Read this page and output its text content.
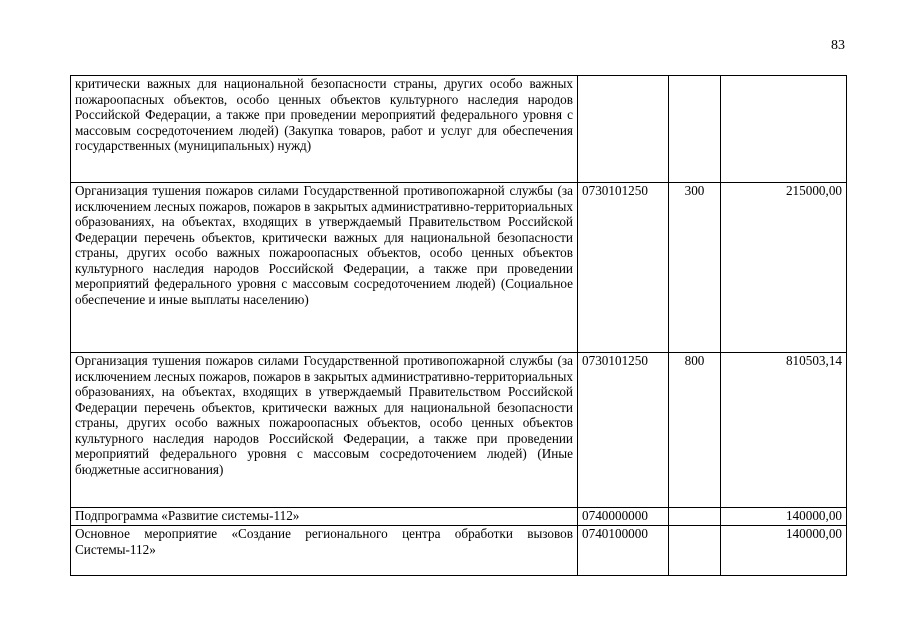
83
критически важных для национальной безопасности страны, других особо важных пожароопасных объектов, особо ценных объектов культурного наследия народов Российской Федерации, а также при проведении мероприятий федерального уровня с массовым сосредоточением людей) (Закупка товаров, работ и услуг для обеспечения государственных (муниципальных) нужд)			
Организация тушения пожаров силами Государственной противопожарной службы (за исключением лесных пожаров, пожаров в закрытых административно-территориальных образованиях, на объектах, входящих в утверждаемый Правительством Российской Федерации перечень объектов, критически важных для национальной безопасности страны, других особо важных пожароопасных объектов, особо ценных объектов культурного наследия народов Российской Федерации, а также при проведении мероприятий федерального уровня с массовым сосредоточением людей) (Социальное обеспечение и иные выплаты населению)	0730101250	300	215000,00
Организация тушения пожаров силами Государственной противопожарной службы (за исключением лесных пожаров, пожаров в закрытых административно-территориальных образованиях, на объектах, входящих в утверждаемый Правительством Российской Федерации перечень объектов, критически важных для национальной безопасности страны, других особо важных пожароопасных объектов, особо ценных объектов культурного наследия народов Российской Федерации, а также при проведении мероприятий федерального уровня с массовым сосредоточением людей) (Иные бюджетные ассигнования)	0730101250	800	810503,14
Подпрограмма «Развитие системы-112»	0740000000		140000,00
Основное мероприятие «Создание регионального центра обработки вызовов Системы-112»	0740100000		140000,00
